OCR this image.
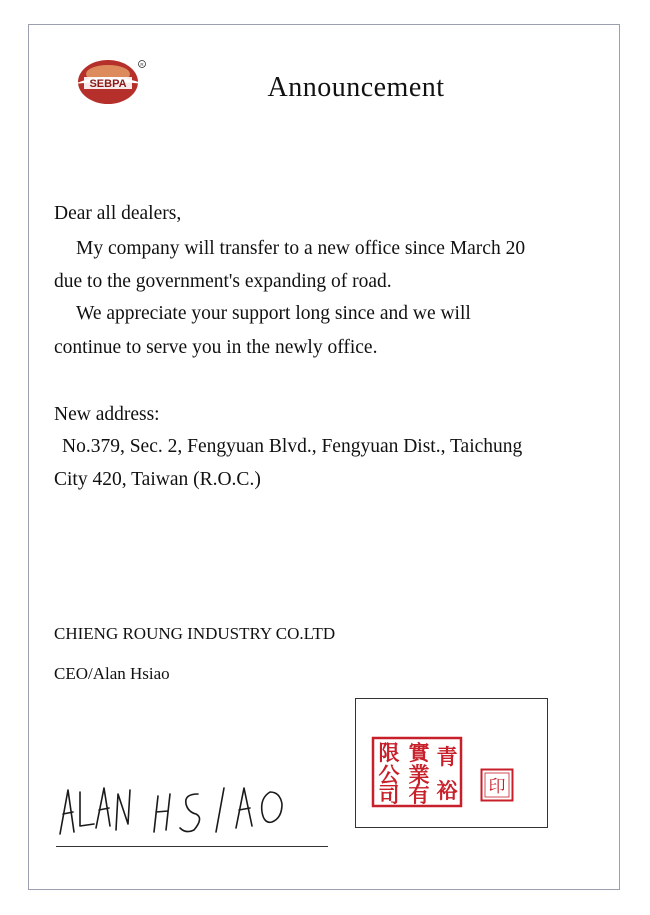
SEBPA
R
Announcement
Dear all dealers,
My company will transfer to a new office since March 20
due to the government's expanding of road.
We appreciate your support long since and we will
continue to serve you in the newly office.
New address:
No.379, Sec. 2, Fengyuan Blvd., Fengyuan Dist., Taichung
City 420, Taiwan (R.O.C.)
CHIENG ROUNG INDUSTRY CO.LTD
CEO/Alan Hsiao
青
實
限
裕
業
公
有
司	印
